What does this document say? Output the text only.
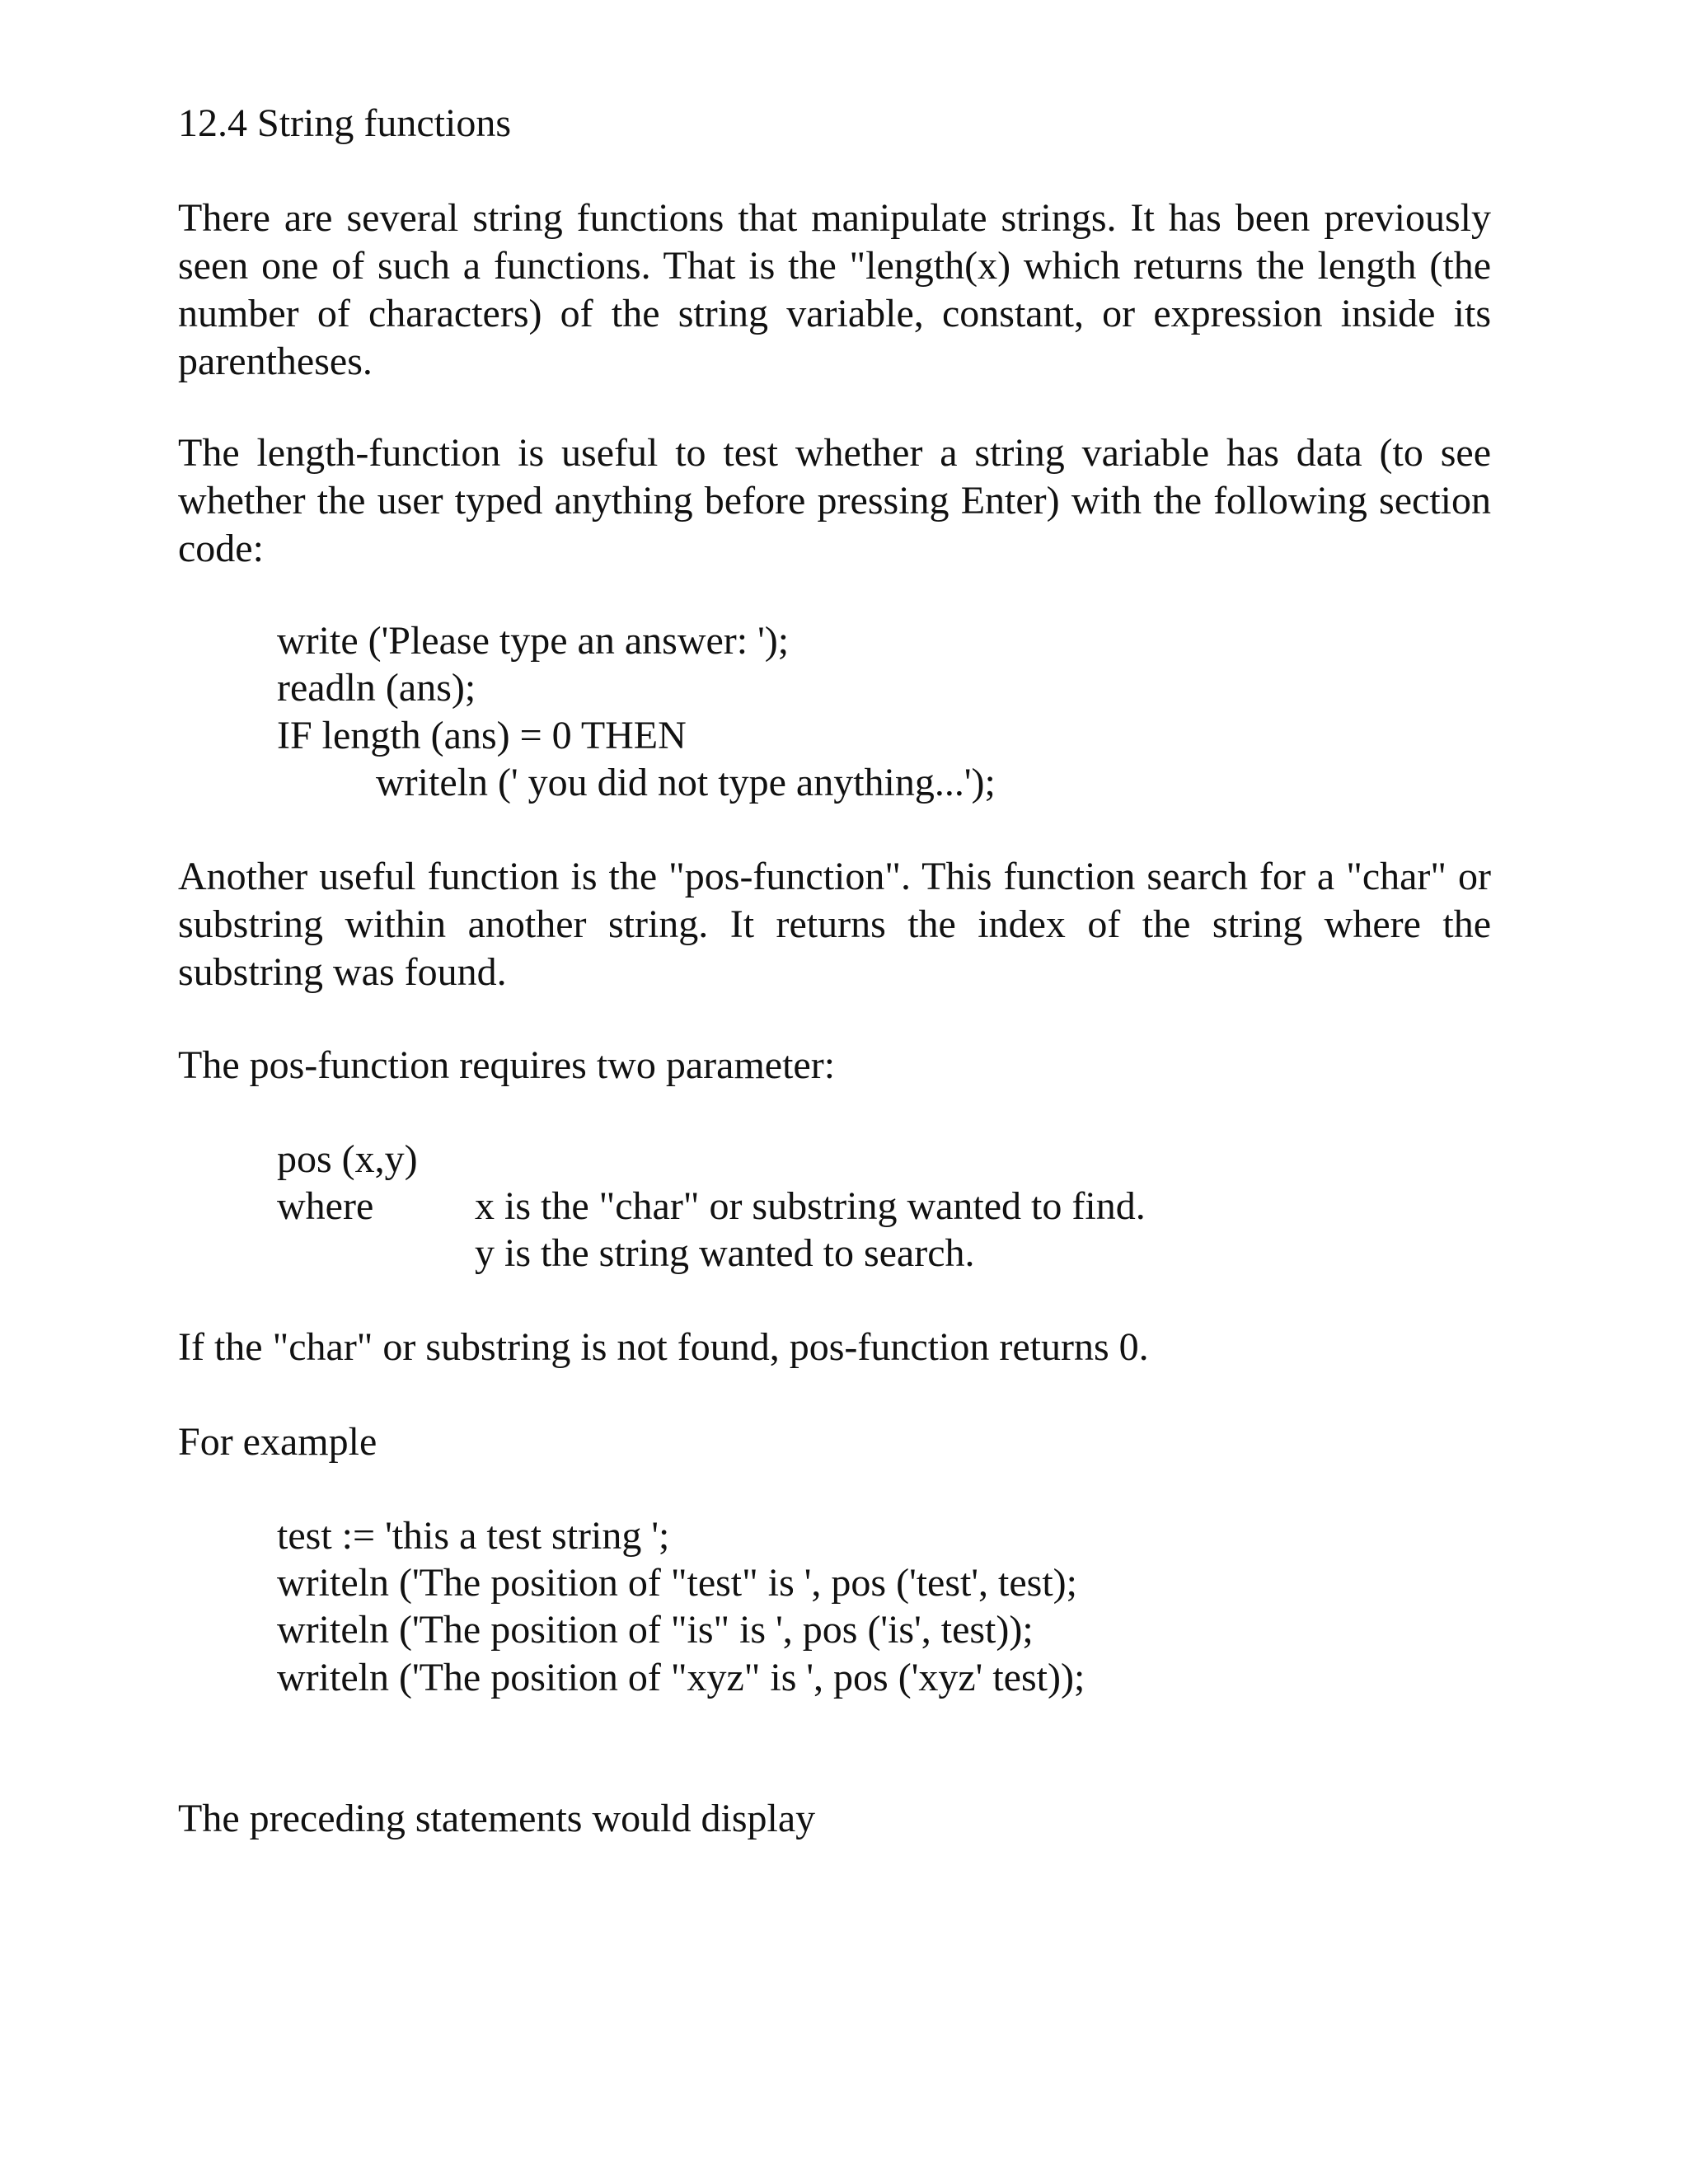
12.4 String functions

There are several string functions that manipulate strings. It has been previously seen one of such a functions. That is the "length(x) which returns the length (the number of characters) of the string variable, constant, or expression inside its parentheses.

The length-function is useful to test whether a string variable has data (to see whether the user typed anything before pressing Enter) with the following section code:

write ('Please type an answer: ');

readln (ans);

IF length (ans) = 0 THEN

writeln (' you did not type anything...');

Another useful function is the "pos-function". This function search for a "char" or substring within another string. It returns the index of the string where the substring was found.

The pos-function requires two parameter:

pos (x,y)

where	x is the "char" or substring wanted to find.

y is the string wanted to search.

If the "char" or substring is not found, pos-function returns 0.

For example

test := 'this a test string ';

writeln ('The position of "test" is ', pos ('test', test);

writeln ('The position of "is" is ', pos ('is', test));

writeln ('The position of "xyz" is ', pos ('xyz' test));

The preceding statements would display
